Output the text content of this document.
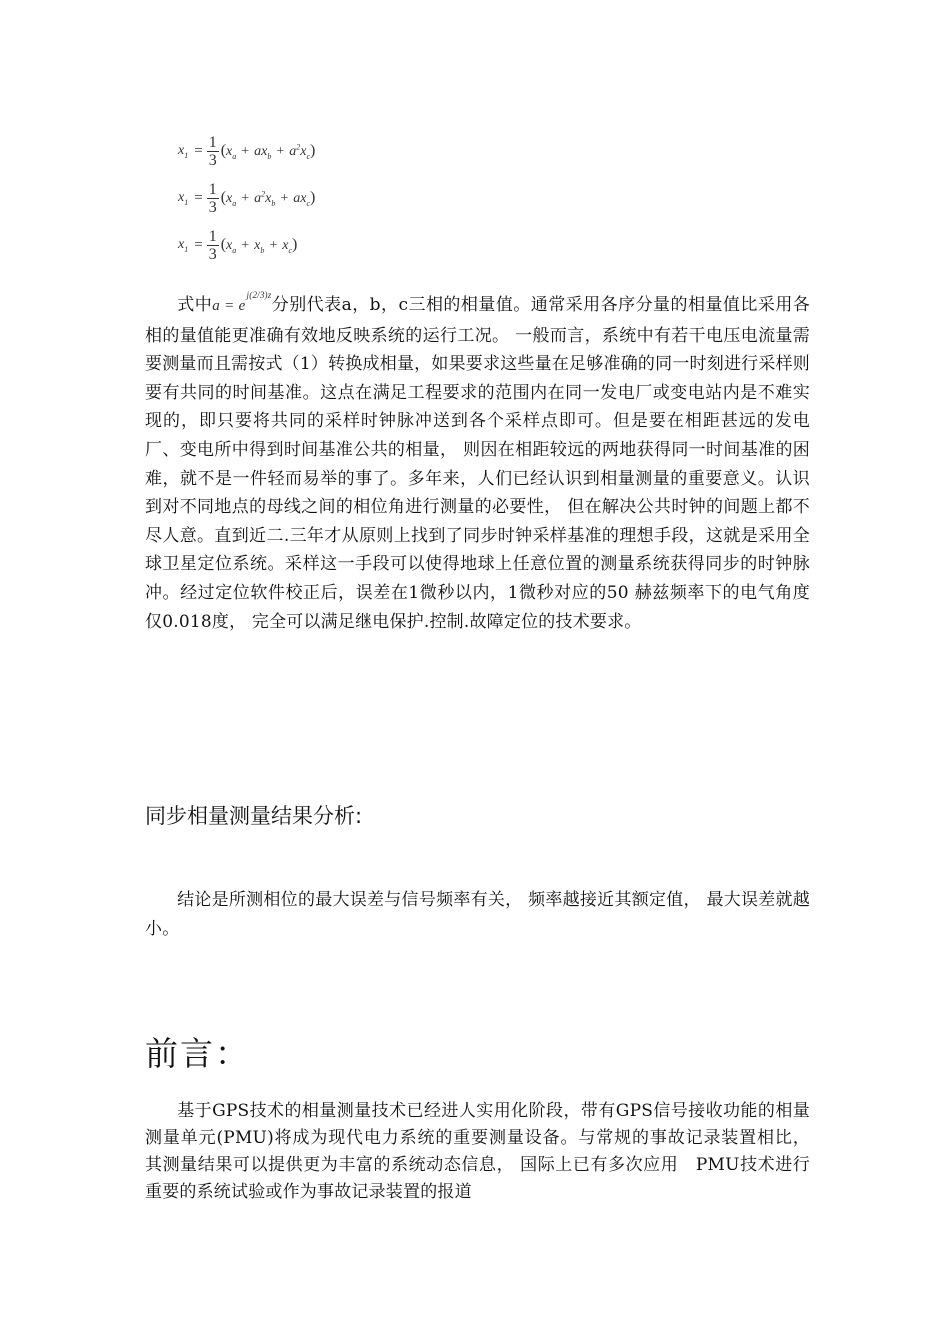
$x_1 = \frac{1}{3} (x_a + ax_b + a^2x_c)$
$x_1 = \frac{1}{3} (x_a + a^2x_b + ax_c)$
$x_1 = \frac{1}{3} (x_a + x_b + x_c)$
式中$a = e^{j(2/3)z}$分别代表a，b，c三相的相量值。通常采用各序分量的相量值比采用各相的量值能更准确有效地反映系统的运行工况。 一般而言，系统中有若干电压电流量需要测量而且需按式（1）转换成相量，如果要求这些量在足够准确的同一时刻进行采样则要有共同的时间基准。这点在满足工程要求的范围内在同一发电厂或变电站内是不难实现的，即只要将共同的采样时钟脉冲送到各个采样点即可。但是要在相距甚远的发电厂、变电所中得到时间基准公共的相量， 则因在相距较远的两地获得同一时间基准的困难，就不是一件轻而易举的事了。多年来，人们已经认识到相量测量的重要意义。认识到对不同地点的母线之间的相位角进行测量的必要性， 但在解决公共时钟的间题上都不尽人意。直到近二.三年才从原则上找到了同步时钟采样基准的理想手段，这就是采用全球卫星定位系统。采样这一手段可以使得地球上任意位置的测量系统获得同步的时钟脉冲。经过定位软件校正后，误差在1微秒以内，1微秒对应的50 赫兹频率下的电气角度仅0.018度， 完全可以满足继电保护.控制.故障定位的技术要求。
同步相量测量结果分析:
结论是所测相位的最大误差与信号频率有关， 频率越接近其额定值， 最大误差就越小。
前言：
基于GPS技术的相量测量技术已经进人实用化阶段，带有GPS信号接收功能的相量测量单元(PMU)将成为现代电力系统的重要测量设备。与常规的事故记录装置相比， 其测量结果可以提供更为丰富的系统动态信息， 国际上已有多次应用　PMU技术进行重要的系统试验或作为事故记录装置的报道
